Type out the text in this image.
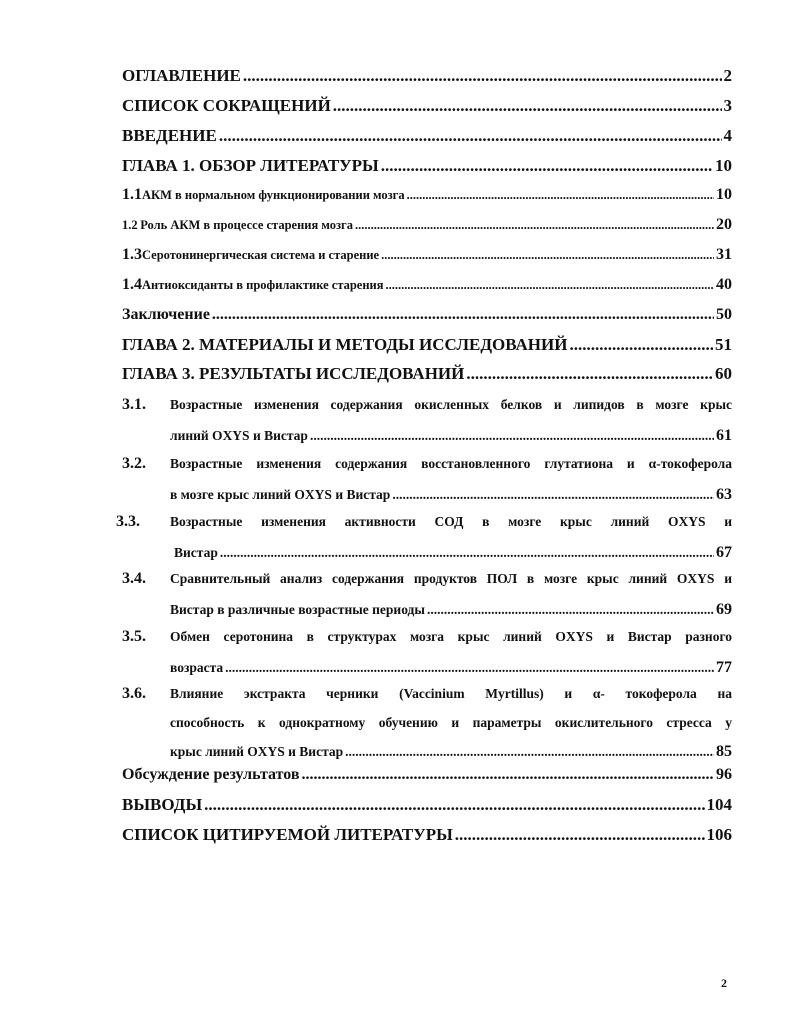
ОГЛАВЛЕНИЕ .....	2
СПИСОК СОКРАЩЕНИЙ .....	3
ВВЕДЕНИЕ .....	4
ГЛАВА 1. ОБЗОР ЛИТЕРАТУРЫ .....	10
1.1 АКМ в нормальном функционировании мозга .....	10
1.2 Роль АКМ в процессе старения мозга .....	20
1.3 Серотонинергическая система и старение .....	31
1.4 Антиоксиданты в профилактике старения .....	40
Заключение .....	50
ГЛАВА 2. МАТЕРИАЛЫ И МЕТОДЫ ИССЛЕДОВАНИЙ .....	51
ГЛАВА 3. РЕЗУЛЬТАТЫ ИССЛЕДОВАНИЙ .....	60
3.1.	Возрастные изменения содержания окисленных белков и липидов в мозге крыс
линий OXYS и Вистар .....	61
3.2.	Возрастные изменения содержания восстановленного глутатиона и α-токоферола
в мозге крыс линий OXYS и Вистар .....	63
3.3.	Возрастные изменения активности СОД в мозге крыс линий OXYS и
Вистар .....	67
3.4.	Сравнительный анализ содержания продуктов ПОЛ в мозге крыс линий OXYS и
Вистар в различные возрастные периоды .....	69
3.5.	Обмен серотонина в структурах мозга крыс линий OXYS и Вистар разного
возраста .....	77
3.6.	Влияние экстракта черники (Vaccinium Myrtillus) и α- токоферола на
способность к однократному обучению и параметры окислительного стресса у
крыс линий OXYS и Вистар .....	85
Обсуждение результатов .....	96
ВЫВОДЫ .....	104
СПИСОК ЦИТИРУЕМОЙ ЛИТЕРАТУРЫ .....	106
2
